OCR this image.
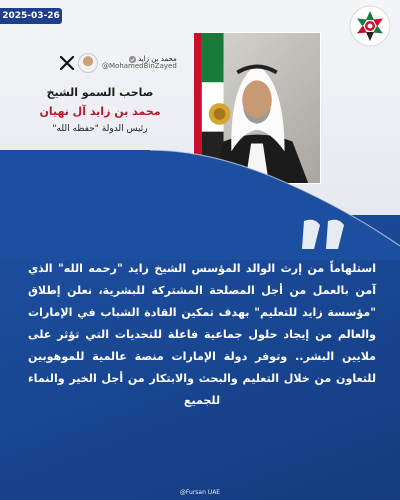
2025-03-26
محمد بن زايد
@MohamedBinZayed
صاحب السمو الشيخ
محمد بن زايد آل نهيان
رئيس الدولة "حفظه الله"
استلهاماً من إرث الوالد المؤسس الشيخ زايد "رحمه الله" الذي آمن بالعمل من أجل المصلحة المشتركة للبشرية، نعلن إطلاق "مؤسسة زايد للتعليم" بهدف تمكين القادة الشباب في الإمارات والعالم من إيجاد حلول جماعية فاعلة للتحديات التي تؤثر على ملايين البشر.. وتوفر دولة الإمارات منصة عالمية للموهوبين للتعاون من خلال التعليم والبحث والابتكار من أجل الخير والنماء للجميع
@Fursan UAE
